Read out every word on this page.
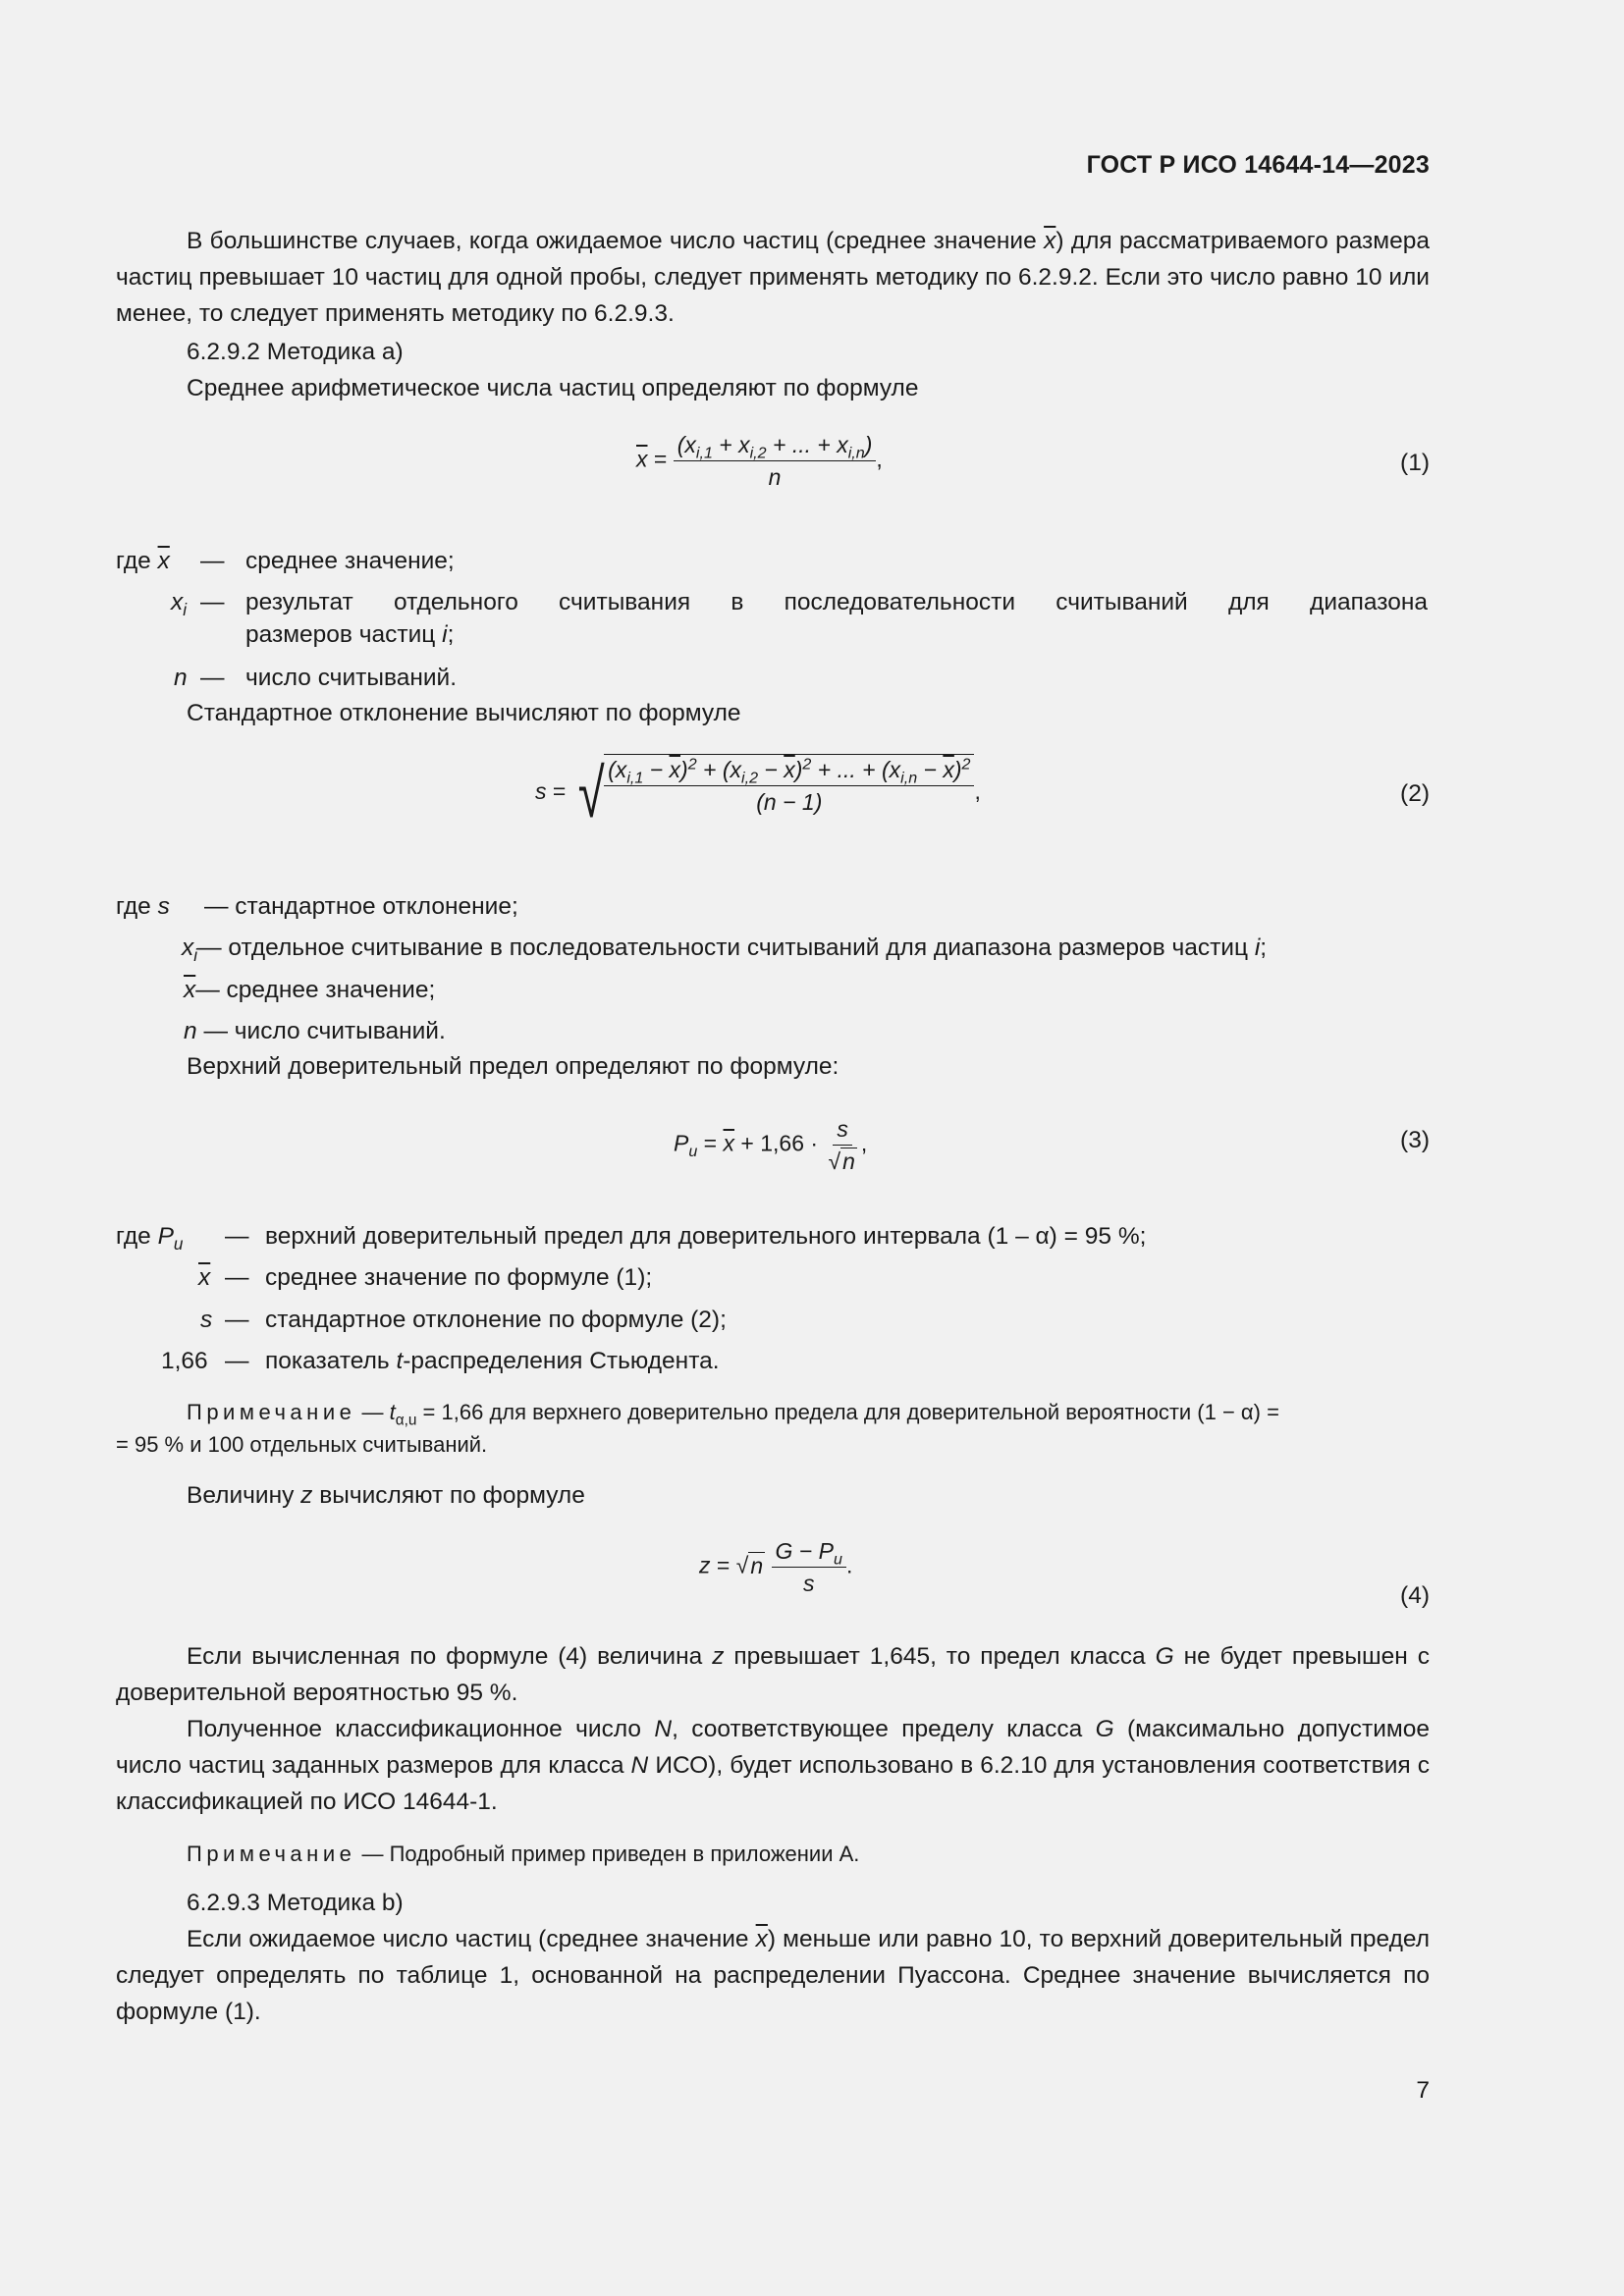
ГОСТ Р ИСО 14644-14—2023
В большинстве случаев, когда ожидаемое число частиц (среднее значение $\overline{x}$) для рассматриваемого размера частиц превышает 10 частиц для одной пробы, следует применять методику по 6.2.9.2. Если это число равно 10 или менее, то следует применять методику по 6.2.9.3.
6.2.9.2 Методика а)
Среднее арифметическое числа частиц определяют по формуле
$\overline{x} = \frac{(x_{i,1} + x_{i,2} + ... + x_{i,n})}{n}$ ,	(1)
где $\overline{x}$ — среднее значение;
$x_i$ — результат отдельного считывания в последовательности считываний для диапазона
размеров частиц i;
n — число считываний.
Стандартное отклонение вычисляют по формуле
s = √ $\frac{(x_{i,1} - \overline{x})^2 + (x_{i,2} - \overline{x})^2 + ... + (x_{i,n} - \overline{x})^2}{(n - 1)}$ ,	(2)
где s — стандартное отклонение;
$x_i—$ отдельное считывание в последовательности считываний для диапазона размеров частиц i;
$\overline{x}—$ среднее значение;
n — число считываний.
Верхний доверительный предел определяют по формуле:
$P_u = \overline{x} + 1,66 \cdot \frac{s}{√n}$ ,	(3)
где $P_u$ — верхний доверительный предел для доверительного интервала (1 – α) = 95 %;
$\overline{x}$ — среднее значение по формуле (1);
s — стандартное отклонение по формуле (2);
1,66 — показатель t-распределения Стьюдента.
Примечание — $t_{\alpha,u} = 1,66$ для верхнего доверительно предела для доверительной вероятности (1 − α) =
= 95 % и 100 отдельных считываний.
Величину z вычисляют по формуле
$z = √n \frac{G - P_u}{s}$ .
(4)
Если вычисленная по формуле (4) величина z превышает 1,645, то предел класса G не будет превышен с доверительной вероятностью 95 %.
Полученное классификационное число N, соответствующее пределу класса G (максимально допустимое число частиц заданных размеров для класса N ИСО), будет использовано в 6.2.10 для установления соответствия с классификацией по ИСО 14644-1.
Примечание — Подробный пример приведен в приложении А.
6.2.9.3 Методика b)
Если ожидаемое число частиц (среднее значение $\overline{x}$) меньше или равно 10, то верхний доверительный предел следует определять по таблице 1, основанной на распределении Пуассона. Среднее значение вычисляется по формуле (1).
7
